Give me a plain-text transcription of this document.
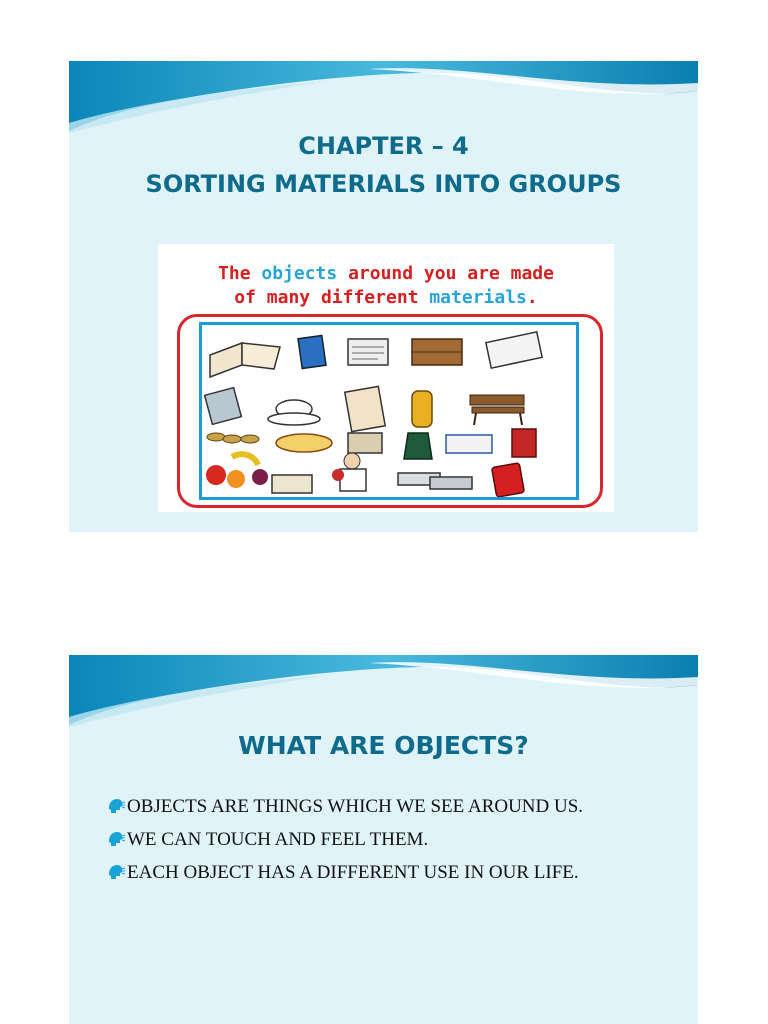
CHAPTER – 4
SORTING MATERIALS INTO GROUPS
The objects around you are made
of many different materials.
WHAT ARE OBJECTS?
OBJECTS ARE THINGS WHICH WE SEE AROUND US.
WE CAN TOUCH AND FEEL THEM.
EACH OBJECT HAS A DIFFERENT USE IN OUR LIFE.
